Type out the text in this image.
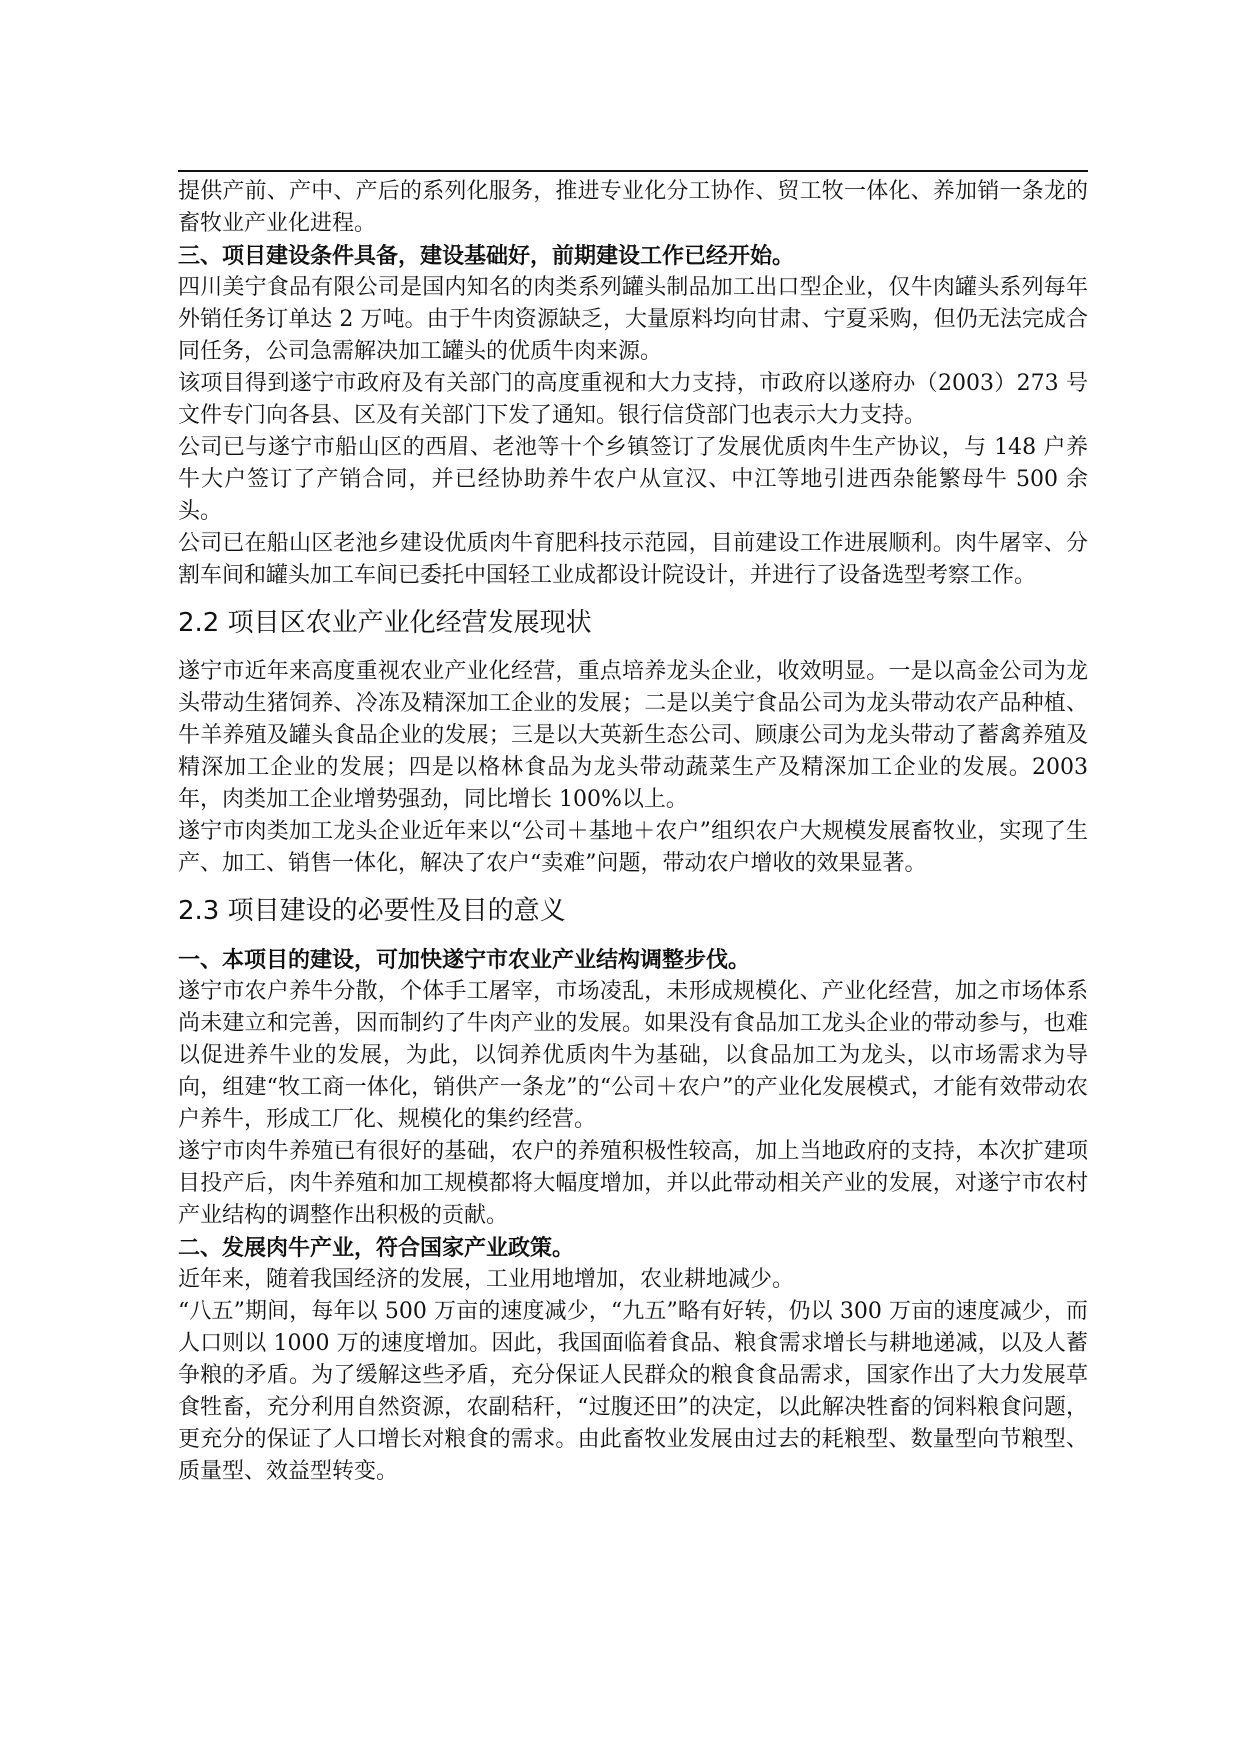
提供产前、产中、产后的系列化服务，推进专业化分工协作、贸工牧一体化、养加销一条龙的畜牧业产业化进程。

三、项目建设条件具备，建设基础好，前期建设工作已经开始。

四川美宁食品有限公司是国内知名的肉类系列罐头制品加工出口型企业，仅牛肉罐头系列每年外销任务订单达 2 万吨。由于牛肉资源缺乏，大量原料均向甘肃、宁夏采购，但仍无法完成合同任务，公司急需解决加工罐头的优质牛肉来源。

该项目得到遂宁市政府及有关部门的高度重视和大力支持，市政府以遂府办（2003）273 号文件专门向各县、区及有关部门下发了通知。银行信贷部门也表示大力支持。

公司已与遂宁市船山区的西眉、老池等十个乡镇签订了发展优质肉牛生产协议，与 148 户养牛大户签订了产销合同，并已经协助养牛农户从宣汉、中江等地引进西杂能繁母牛 500 余头。

公司已在船山区老池乡建设优质肉牛育肥科技示范园，目前建设工作进展顺利。肉牛屠宰、分割车间和罐头加工车间已委托中国轻工业成都设计院设计，并进行了设备选型考察工作。

2.2 项目区农业产业化经营发展现状

遂宁市近年来高度重视农业产业化经营，重点培养龙头企业，收效明显。一是以高金公司为龙头带动生猪饲养、冷冻及精深加工企业的发展；二是以美宁食品公司为龙头带动农产品种植、牛羊养殖及罐头食品企业的发展；三是以大英新生态公司、顾康公司为龙头带动了蓄禽养殖及精深加工企业的发展；四是以格林食品为龙头带动蔬菜生产及精深加工企业的发展。2003 年，肉类加工企业增势强劲，同比增长 100%以上。

遂宁市肉类加工龙头企业近年来以“公司＋基地＋农户”组织农户大规模发展畜牧业，实现了生产、加工、销售一体化，解决了农户“卖难”问题，带动农户增收的效果显著。

2.3 项目建设的必要性及目的意义

一、本项目的建设，可加快遂宁市农业产业结构调整步伐。

遂宁市农户养牛分散，个体手工屠宰，市场凌乱，未形成规模化、产业化经营，加之市场体系尚未建立和完善，因而制约了牛肉产业的发展。如果没有食品加工龙头企业的带动参与，也难以促进养牛业的发展，为此，以饲养优质肉牛为基础，以食品加工为龙头，以市场需求为导向，组建“牧工商一体化，销供产一条龙”的“公司＋农户”的产业化发展模式，才能有效带动农户养牛，形成工厂化、规模化的集约经营。

遂宁市肉牛养殖已有很好的基础，农户的养殖积极性较高，加上当地政府的支持，本次扩建项目投产后，肉牛养殖和加工规模都将大幅度增加，并以此带动相关产业的发展，对遂宁市农村产业结构的调整作出积极的贡献。

二、发展肉牛产业，符合国家产业政策。

近年来，随着我国经济的发展，工业用地增加，农业耕地减少。

“八五”期间，每年以 500 万亩的速度减少，“九五”略有好转，仍以 300 万亩的速度减少，而人口则以 1000 万的速度增加。因此，我国面临着食品、粮食需求增长与耕地递减，以及人蓄争粮的矛盾。为了缓解这些矛盾，充分保证人民群众的粮食食品需求，国家作出了大力发展草食牲畜，充分利用自然资源，农副秸秆，“过腹还田”的决定，以此解决牲畜的饲料粮食问题，更充分的保证了人口增长对粮食的需求。由此畜牧业发展由过去的耗粮型、数量型向节粮型、质量型、效益型转变。
